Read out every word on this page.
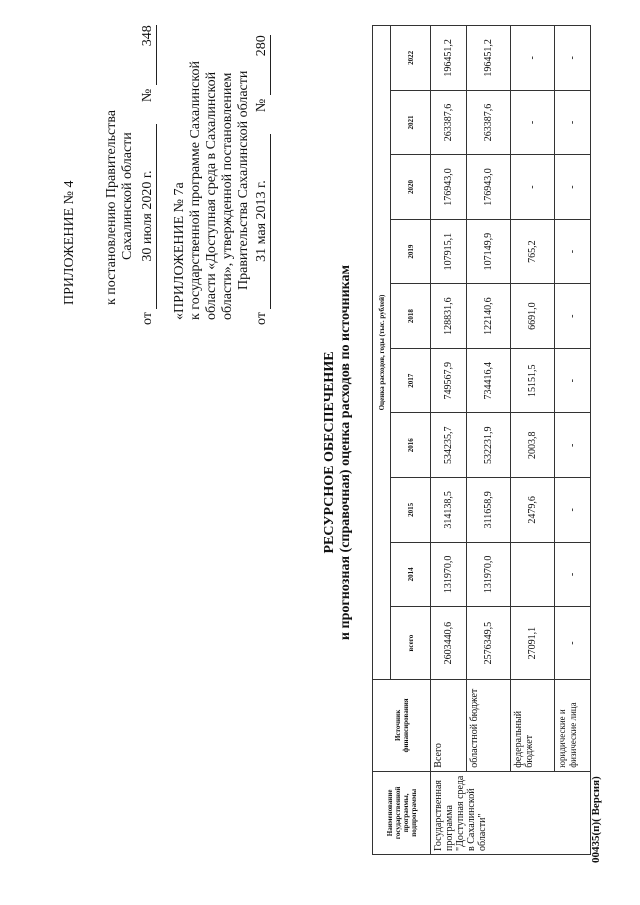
ПРИЛОЖЕНИЕ № 4 к постановлению Правительства Сахалинской области
от 30 июля 2020 г. № 348
«ПРИЛОЖЕНИЕ № 7а к государственной программе Сахалинской области «Доступная среда в Сахалинской области», утвержденной постановлением Правительства Сахалинской области
от 31 мая 2013 г. № 280
РЕСУРСНОЕ ОБЕСПЕЧЕНИЕ и прогнозная (справочная) оценка расходов по источникам
Наименование государственной программы, подпрограммы	Источник финансирования	Оценка расходов, годы (тыс. рублей)									
		всего	2014	2015	2016	2017	2018	2019	2020	2021	2022
Государственная программа "Доступная среда в Сахалинской области"	Всего	2603440,6	131970,0	314138,5	534235,7	749567,9	128831,6	107915,1	176943,0	263387,6	196451,2
	областной бюджет	2576349,5	131970,0	311658,9	532231,9	734416,4	122140,6	107149,9	176943,0	263387,6	196451,2
	федеральный бюджет	27091,1		2479,6	2003,8	15151,5	6691,0	765,2	-	-	-
	юридические и физические лица	-	-	-	-	-	-	-	-	-	-
00435(п)( Версия)
